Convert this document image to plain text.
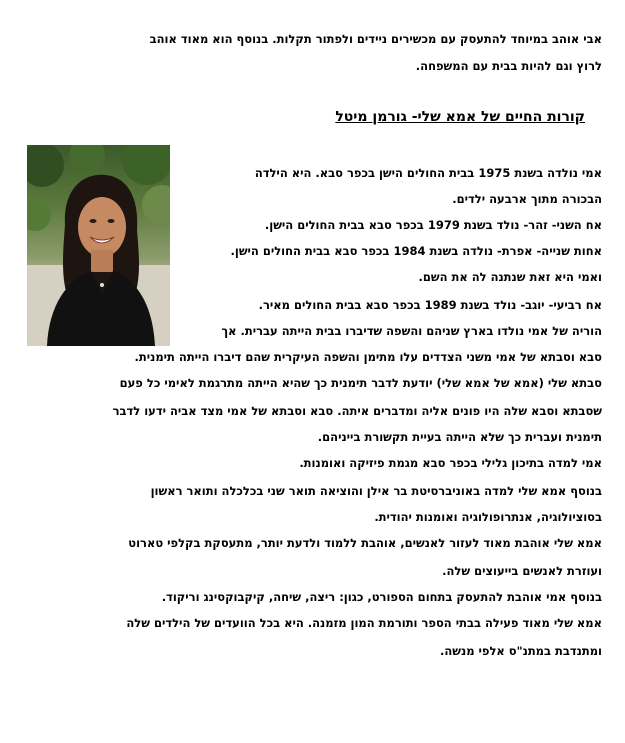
אבי אוהב במיוחד להתעסק עם מכשירים ניידים ולפתור תקלות. בנוסף הוא מאוד אוהב
לרוץ וגם להיות בבית עם המשפחה.
קורות החיים של אמא שלי- גורמן מיטל
אמי נולדה בשנת 1975 בבית החולים הישן בכפר סבא. היא הילדה
הבכורה מתוך ארבעה ילדים.
אח השני- זהר- נולד בשנת 1979 בכפר סבא בבית החולים הישן.
אחות שנייה- אפרת- נולדה בשנת 1984 בכפר סבא בבית החולים הישן.
ואמי היא זאת שנתנה לה את השם.
אח רביעי- יוגב- נולד בשנת 1989 בכפר סבא בבית החולים מאיר.
הוריה של אמי נולדו בארץ שניהם והשפה שדיברו בבית הייתה עברית. אך
סבא וסבתא של אמי משני הצדדים עלו מתימן והשפה העיקרית שהם דיברו הייתה תימנית.
סבתא שלי (אמא של אמא שלי) יודעת לדבר תימנית כך שהיא הייתה מתרגמת לאימי כל פעם
שסבתא וסבא שלה היו פונים אליה ומדברים איתה. סבא וסבתא של אמי מצד אביה ידעו לדבר
תימנית ועברית כך שלא הייתה בעיית תקשורת בייניהם.
אמי למדה בתיכון גלילי בכפר סבא מגמת פיזיקה ואומנות.
בנוסף אמא שלי למדה באוניברסיטת בר אילן והוציאה תואר שני בכלכלה ותואר ראשון
בסוציולוגיה, אנתרופולוגיה ואומנות יהודית.
אמא שלי אוהבת מאוד לעזור לאנשים, אוהבת ללמוד ולדעת יותר, מתעסקת בקלפי טארוט
ועוזרת לאנשים בייעוצים שלה.
בנוסף אמי אוהבת להתעסק בתחום הספורט, כגון: ריצה, שיחה, קיקבוקסינג וריקוד.
אמא שלי מאוד פעילה בבתי הספר ותורמת המון מזמנה. היא בכל הוועדים של הילדים שלה
ומתנדבת במתנ"ס אלפי מנשה.
